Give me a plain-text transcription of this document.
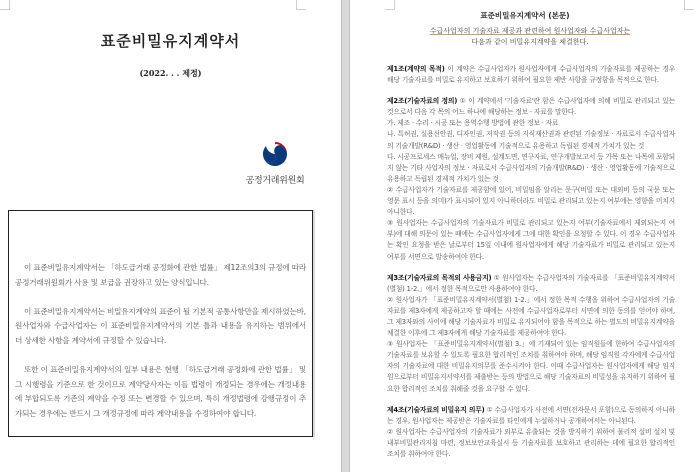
표준비밀유지계약서
(2022. . . 제정)
공정거래위원회

이 표준비밀유지계약서는 「하도급거래 공정화에 관한 법률」 제12조의3의 규정에 따라 공정거래위원회가 사용 및 보급을 권장하고 있는 양식입니다.

이 표준비밀유지계약서는 비밀유지계약의 표준이 될 기본적 공통사항만을 제시하였는바, 원사업자와 수급사업자는 이 표준비밀유지계약서의 기본 틀과 내용을 유지하는 범위에서 더 상세한 사항을 계약서에 규정할 수 있습니다.

또한 이 표준비밀유지계약서의 일부 내용은 현행 「하도급거래 공정화에 관한 법률」 및 그 시행령을 기준으로 한 것이므로 계약당사자는 이들 법령이 개정되는 경우에는 개정내용에 부합되도록 기존의 계약을 수정 또는 변경할 수 있으며, 특히 개정법령에 강행규정이 추가되는 경우에는 반드시 그 개정규정에 따라 계약내용을 수정하여야 합니다.

표준비밀유지계약서 (본문)
수급사업자의 기술자료 제공과 관련하여 원사업자와 수급사업자는
다음과 같이 비밀유지계약을 체결한다.

제1조(계약의 목적) 이 계약은 수급사업자가 원사업자에게 수급사업자의 기술자료를 제공하는 경우 해당 기술자료를 비밀로 유지하고 보호하기 위하여 필요한 제반 사항을 규정함을 목적으로 한다.

제2조(기술자료의 정의) ① 이 계약에서 '기술자료'란 함은 수급사업자에 의해 비밀로 관리되고 있는 것으로서 다음 각 목의 어느 하나에 해당하는 정보 · 자료를 말한다.

가. 제조 · 수리 · 시공 또는 용역수행 방법에 관한 정보 · 자료

나. 특허권, 실용신안권, 디자인권, 저작권 등의 지식재산권과 관련된 기술정보 · 자료로서 수급사업자의 기술개발(R&D) · 생산 · 영업활동에 기술적으로 유용하고 독립된 경제적 가치가 있는 것

다. 시공프로세스 매뉴얼, 장비 제원, 설계도면, 연구자료, 연구개발보고서 등 가목 또는 나목에 포함되지 않는 기타 사업자의 정보 · 자료로서 수급사업자의 기술개발(R&D) · 생산 · 영업활동에 기술적으로 유용하고 독립된 경제적 가치가 있는 것

② 수급사업자가 기술자료를 제공함에 있어, 비밀임을 알리는 문구(비밀 또는 대외비 등의 국문 또는 영문 표시 등을 의미)가 표시되어 있지 아니하더라도 비밀로 관리되고 있는지 여부에는 영향을 미치지 아니한다.

③ 원사업자는 수급사업자의 기술자료가 비밀로 관리되고 있는지 여부(기술자료에서 제외되는지 여부)에 대해 의문이 있는 때에는 수급사업자에게 그에 대한 확인을 요청할 수 있다. 이 경우 수급사업자는 확인 요청을 받은 날로부터 15일 이내에 원사업자에게 해당 기술자료가 비밀로 관리되고 있는지 여부를 서면으로 발송하여야 한다.

제3조(기술자료의 목적외 사용금지) ① 원사업자는 수급사업자의 기술자료를 「표준비밀유지계약서(별첨) 1-2.」에서 정한 목적으로만 사용하여야 한다.

② 원사업자가 「표준비밀유지계약서(별첨) 1-2.」에서 정한 목적 수행을 위하여 수급사업자의 기술자료를 제3자에게 제공하고자 할 때에는 사전에 수급사업자로부터 서면에 의한 동의를 얻어야 하며, 그 제3자와의 사이에 해당 기술자료가 비밀로 유지되어야 함을 목적으로 하는 별도의 비밀유지계약을 체결한 이후에 그 제3자에게 해당 기술자료를 제공하여야 한다.

③ 원사업자는 「표준비밀유지계약서(별첨) 3.」에 기재되어 있는 임직원들에 한하여 수급사업자의 기술자료를 보유할 수 있도록 필요한 합리적인 조치를 취하여야 하며, 해당 임직원 각자에게 수급사업자의 기술자료에 대한 비밀유지의무를 준수시켜야 한다. 이때 수급사업자는 원사업자에게 해당 임직원으로부터 비밀유지서약서를 제출받는 등의 방법으로 해당 기술자료의 비밀성을 유지하기 위하여 필요한 합리적인 조치를 취해줄 것을 요구할 수 있다.

제4조(기술자료의 비밀유지 의무) ① 수급사업자가 사전에 서면(전자문서 포함)으로 동의하지 아니하는 경우, 원사업자는 제공받은 기술자료를 타인에게 누설하거나 공개하여서는 아니된다.

② 원사업자는 수급사업자의 기술자료가 외부로 유출되는 것을 방지하기 위하여 물리적 설비 설치 및 내부비밀관리지침 마련, 정보보안교육실시 등 기술자료를 보호하고 관리하는 데에 필요한 합리적인 조치를 취하여야 한다.
